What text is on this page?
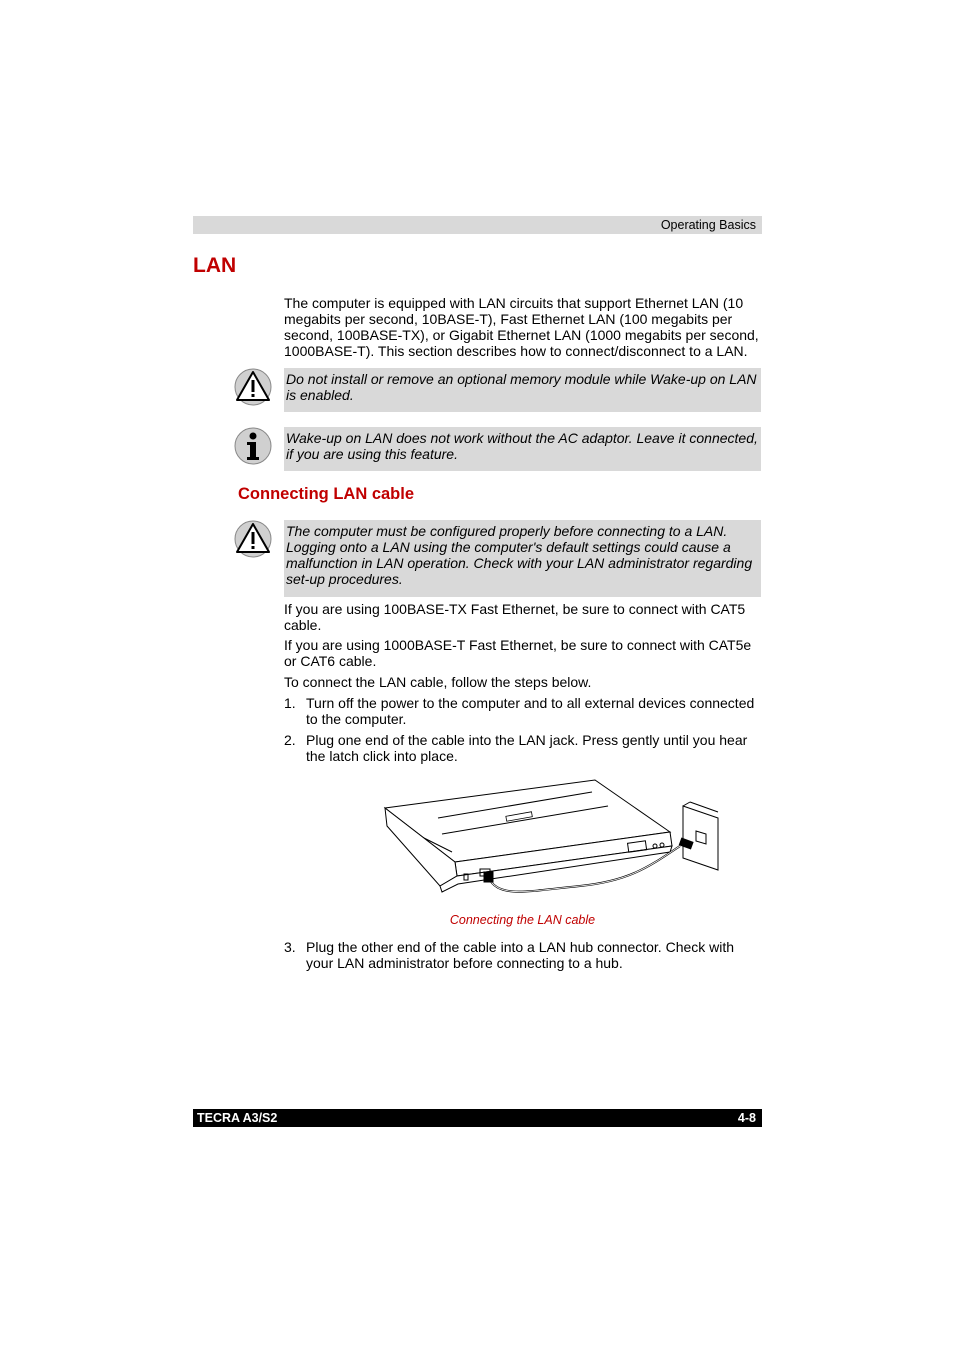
Operating Basics
LAN

The computer is equipped with LAN circuits that support Ethernet LAN (10 megabits per second, 10BASE-T), Fast Ethernet LAN (100 megabits per second, 100BASE-TX), or Gigabit Ethernet LAN (1000 megabits per second, 1000BASE-T). This section describes how to connect/disconnect to a LAN.

Do not install or remove an optional memory module while Wake-up on LAN is enabled.
Wake-up on LAN does not work without the AC adaptor. Leave it connected, if you are using this feature.
Connecting LAN cable
The computer must be configured properly before connecting to a LAN. Logging onto a LAN using the computer's default settings could cause a malfunction in LAN operation. Check with your LAN administrator regarding set-up procedures.

If you are using 100BASE-TX Fast Ethernet, be sure to connect with CAT5 cable.

If you are using 1000BASE-T Fast Ethernet, be sure to connect with CAT5e or CAT6 cable.

To connect the LAN cable, follow the steps below.

1. Turn off the power to the computer and to all external devices connected to the computer.
2. Plug one end of the cable into the LAN jack. Press gently until you hear the latch click into place.
Connecting the LAN cable
3. Plug the other end of the cable into a LAN hub connector. Check with your LAN administrator before connecting to a hub.
TECRA A3/S2	4-8
